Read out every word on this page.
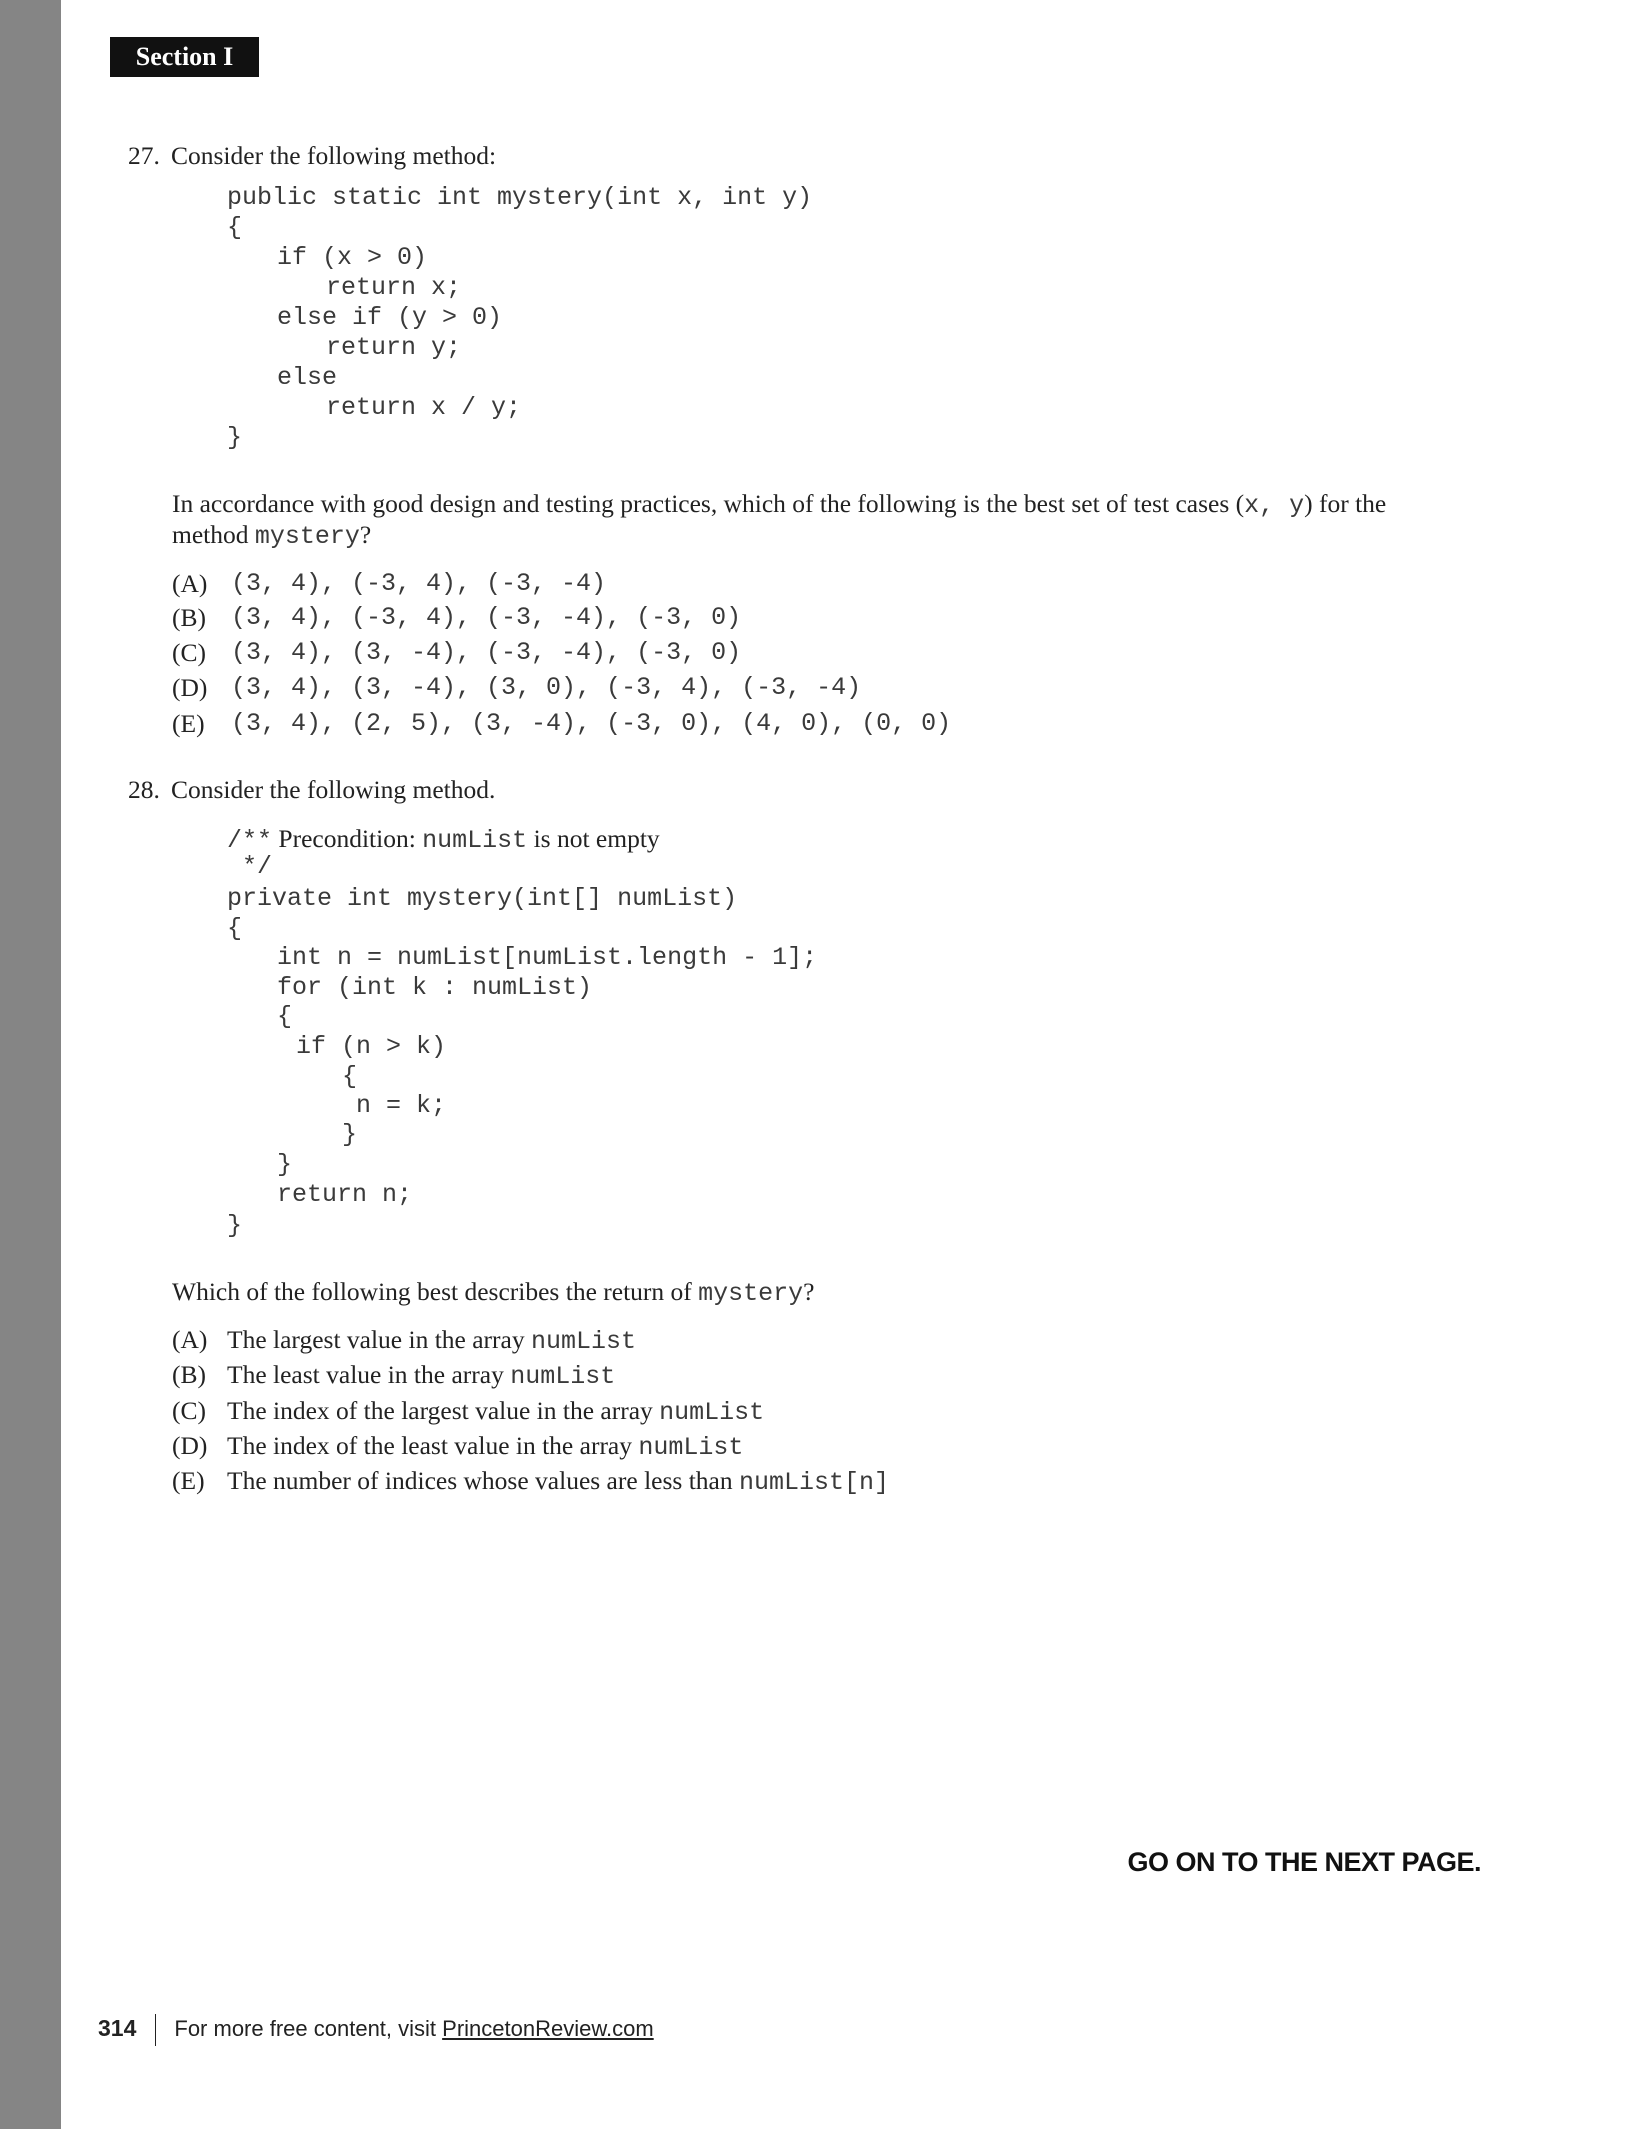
Section I
27. Consider the following method:
public static int mystery(int x, int y)
{
if (x > 0)
return x;
else if (y > 0)
return y;
else
return x / y;
}
In accordance with good design and testing practices, which of the following is the best set of test cases (x, y) for the
method mystery?
(A) (3, 4), (-3, 4), (-3, -4)
(B) (3, 4), (-3, 4), (-3, -4), (-3, 0)
(C) (3, 4), (3, -4), (-3, -4), (-3, 0)
(D) (3, 4), (3, -4), (3, 0), (-3, 4), (-3, -4)
(E) (3, 4), (2, 5), (3, -4), (-3, 0), (4, 0), (0, 0)
28. Consider the following method.
/** Precondition: numList is not empty
*/
private int mystery(int[] numList)
{
int n = numList[numList.length - 1];
for (int k : numList)
{
if (n > k)
{
n = k;
}
}
return n;
}
Which of the following best describes the return of mystery?
(A) The largest value in the array numList
(B) The least value in the array numList
(C) The index of the largest value in the array numList
(D) The index of the least value in the array numList
(E) The number of indices whose values are less than numList[n]
GO ON TO THE NEXT PAGE.
314 For more free content, visit PrincetonReview.com
